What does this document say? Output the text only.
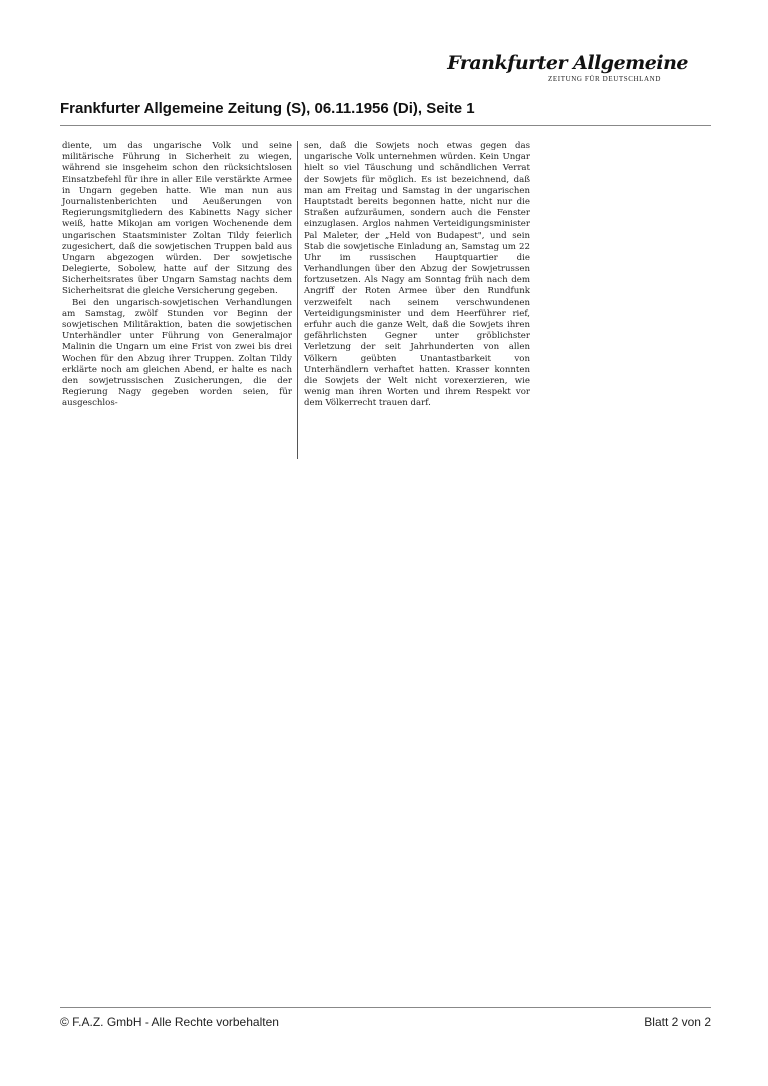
Frankfurter Allgemeine
ZEITUNG FÜR DEUTSCHLAND
Frankfurter Allgemeine Zeitung (S), 06.11.1956 (Di), Seite 1

diente, um das ungarische Volk und seine militärische Führung in Sicherheit zu wiegen, während sie insgeheim schon den rücksichtslosen Einsatzbefehl für ihre in aller Eile verstärkte Armee in Ungarn gegeben hatte. Wie man nun aus Journalistenberichten und Aeußerungen von Regierungsmitgliedern des Kabinetts Nagy sicher weiß, hatte Mikojan am vorigen Wochenende dem ungarischen Staatsminister Zoltan Tildy feierlich zugesichert, daß die sowjetischen Truppen bald aus Ungarn abgezogen würden. Der sowjetische Delegierte, Sobolew, hatte auf der Sitzung des Sicherheitsrates über Ungarn Samstag nachts dem Sicherheitsrat die gleiche Versicherung gegeben.

Bei den ungarisch-sowjetischen Verhandlungen am Samstag, zwölf Stunden vor Beginn der sowjetischen Militäraktion, baten die sowjetischen Unterhändler unter Führung von Generalmajor Malinin die Ungarn um eine Frist von zwei bis drei Wochen für den Abzug ihrer Truppen. Zoltan Tildy erklärte noch am gleichen Abend, er halte es nach den sowjetrussischen Zusicherungen, die der Regierung Nagy gegeben worden seien, für ausgeschlos-

sen, daß die Sowjets noch etwas gegen das ungarische Volk unternehmen würden. Kein Ungar hielt so viel Täuschung und schändlichen Verrat der Sowjets für möglich. Es ist bezeichnend, daß man am Freitag und Samstag in der ungarischen Hauptstadt bereits begonnen hatte, nicht nur die Straßen aufzuräumen, sondern auch die Fenster einzuglasen. Arglos nahmen Verteidigungsminister Pal Maleter, der „Held von Budapest", und sein Stab die sowjetische Einladung an, Samstag um 22 Uhr im russischen Hauptquartier die Verhandlungen über den Abzug der Sowjetrussen fortzusetzen. Als Nagy am Sonntag früh nach dem Angriff der Roten Armee über den Rundfunk verzweifelt nach seinem verschwundenen Verteidigungsminister und dem Heerführer rief, erfuhr auch die ganze Welt, daß die Sowjets ihren gefährlichsten Gegner unter gröblichster Verletzung der seit Jahrhunderten von allen Völkern geübten Unantastbarkeit von Unterhändlern verhaftet hatten. Krasser konnten die Sowjets der Welt nicht vorexerzieren, wie wenig man ihren Worten und ihrem Respekt vor dem Völkerrecht trauen darf.

© F.A.Z. GmbH - Alle Rechte vorbehalten	Blatt 2 von 2
